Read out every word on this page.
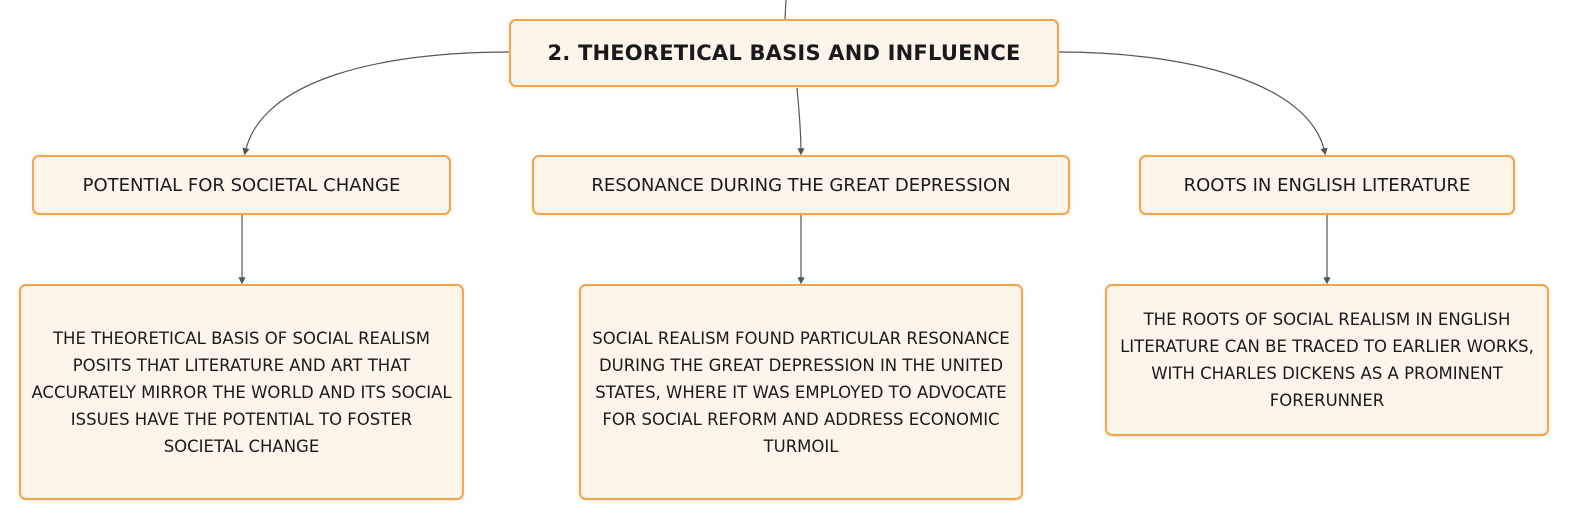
2. THEORETICAL BASIS AND INFLUENCE
POTENTIAL FOR SOCIETAL CHANGE	RESONANCE DURING THE GREAT DEPRESSION	ROOTS IN ENGLISH LITERATURE
THE THEORETICAL BASIS OF SOCIAL REALISM POSITS THAT LITERATURE AND ART THAT ACCURATELY MIRROR THE WORLD AND ITS SOCIAL ISSUES HAVE THE POTENTIAL TO FOSTER SOCIETAL CHANGE
SOCIAL REALISM FOUND PARTICULAR RESONANCE DURING THE GREAT DEPRESSION IN THE UNITED STATES, WHERE IT WAS EMPLOYED TO ADVOCATE FOR SOCIAL REFORM AND ADDRESS ECONOMIC TURMOIL
THE ROOTS OF SOCIAL REALISM IN ENGLISH LITERATURE CAN BE TRACED TO EARLIER WORKS, WITH CHARLES DICKENS AS A PROMINENT FORERUNNER
